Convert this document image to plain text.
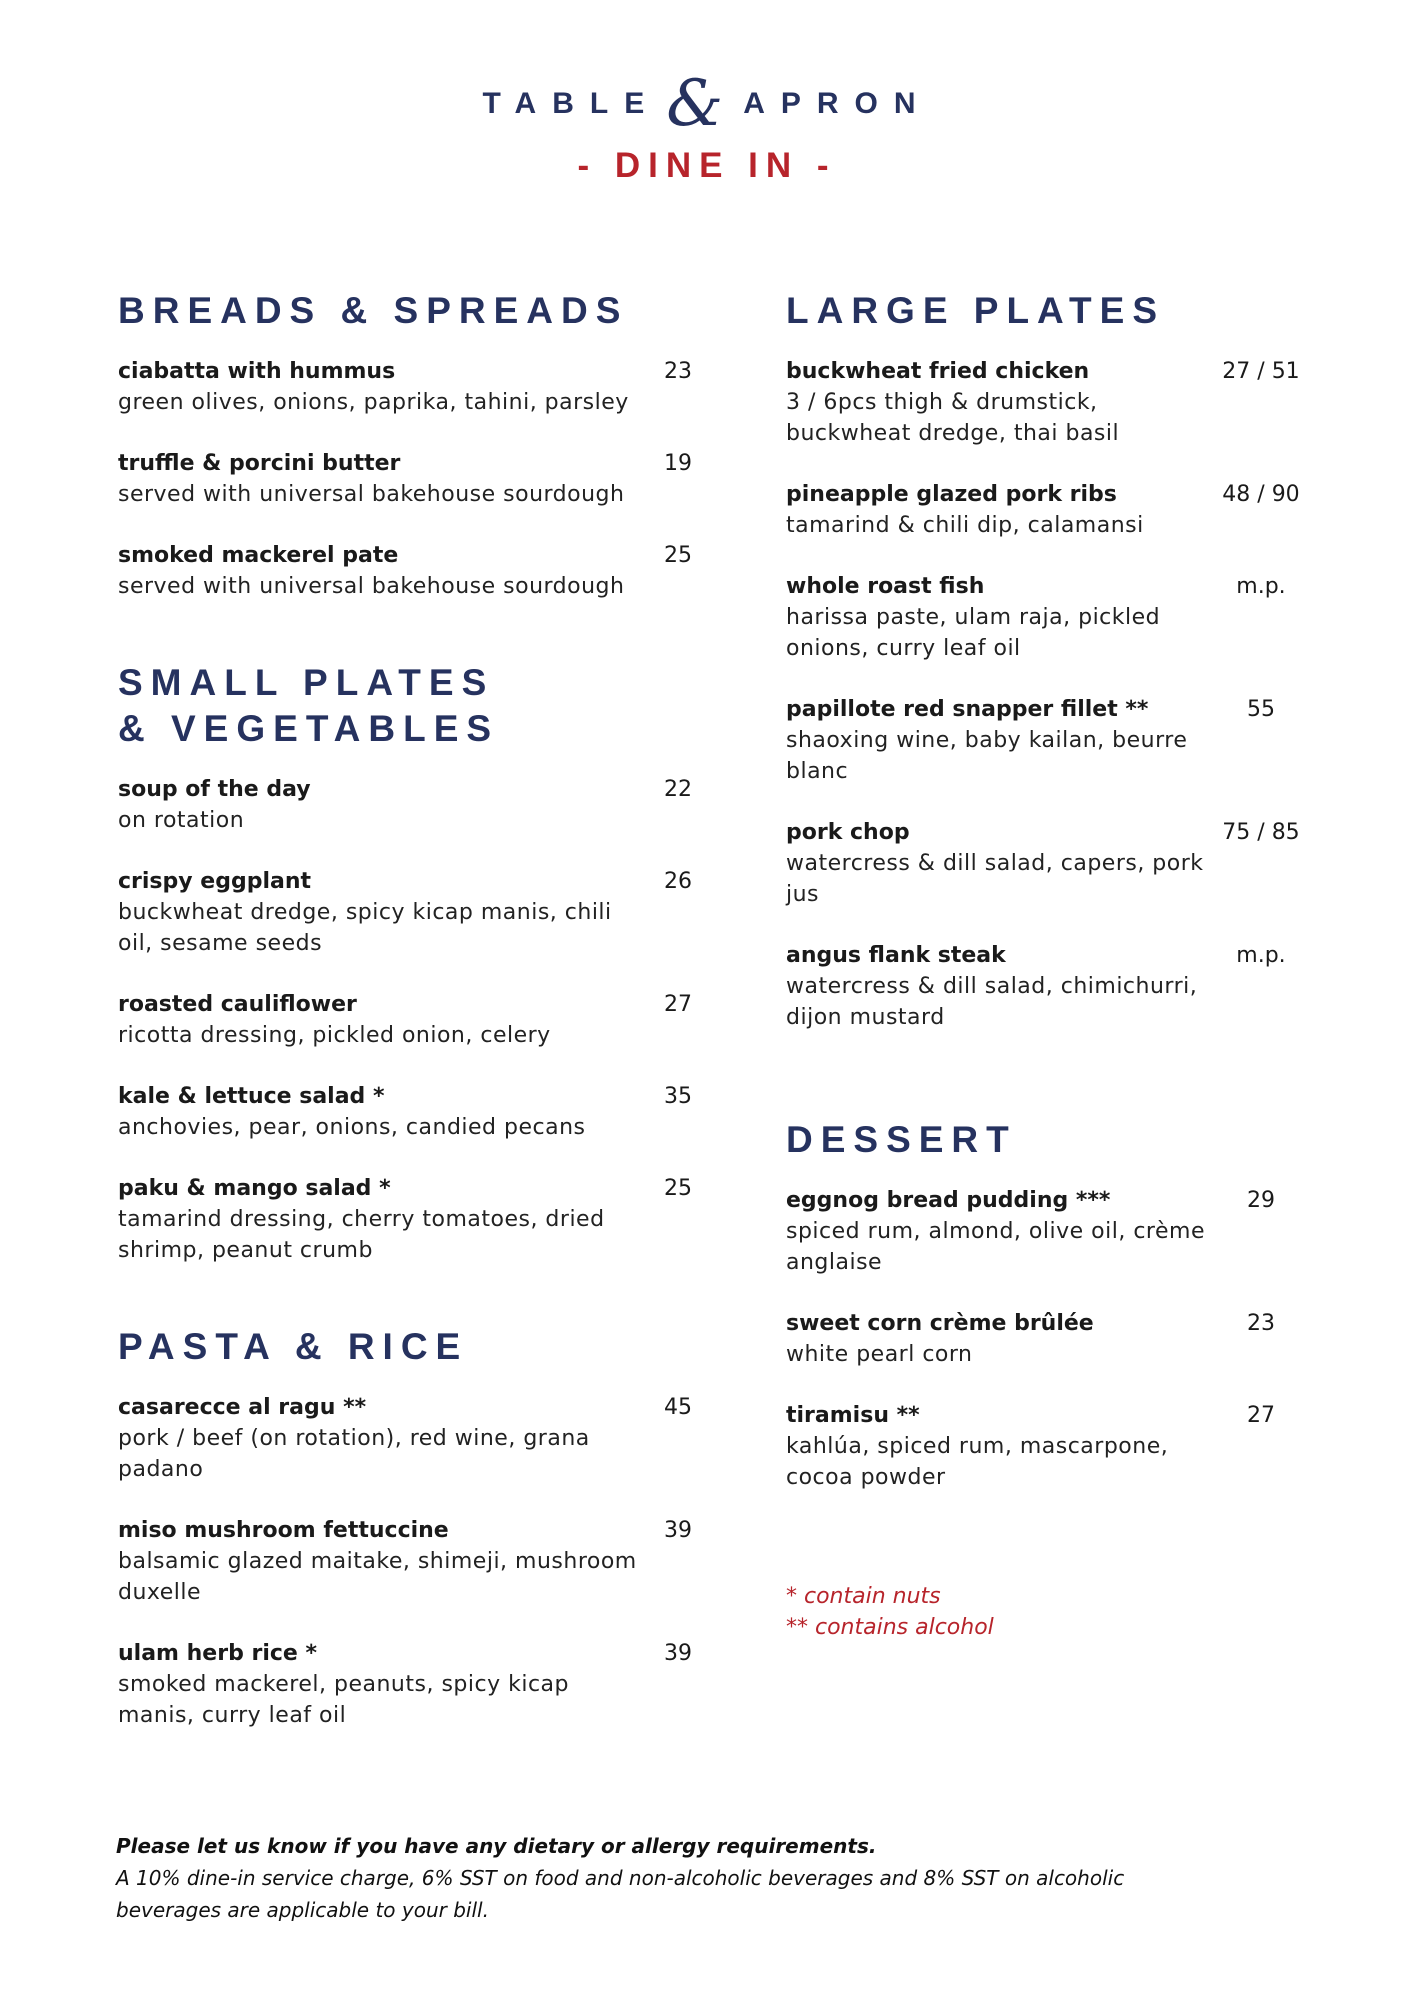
TABLE & APRON
- DINE IN -
BREADS & SPREADS
ciabatta with hummus
green olives, onions, paprika, tahini, parsley
23
truffle & porcini butter
served with universal bakehouse sourdough
19
smoked mackerel pate
served with universal bakehouse sourdough
25
SMALL PLATES
& VEGETABLES
soup of the day
on rotation
22
crispy eggplant
buckwheat dredge, spicy kicap manis, chili oil, sesame seeds
26
roasted cauliflower
ricotta dressing, pickled onion, celery
27
kale & lettuce salad *
anchovies, pear, onions, candied pecans
35
paku & mango salad *
tamarind dressing, cherry tomatoes, dried shrimp, peanut crumb
25
PASTA & RICE
casarecce al ragu **
pork / beef (on rotation), red wine, grana padano
45
miso mushroom fettuccine
balsamic glazed maitake, shimeji, mushroom duxelle
39
ulam herb rice *
smoked mackerel, peanuts, spicy kicap manis, curry leaf oil
39
LARGE PLATES
buckwheat fried chicken
3 / 6pcs thigh & drumstick, buckwheat dredge, thai basil
27 / 51
pineapple glazed pork ribs
tamarind & chili dip, calamansi
48 / 90
whole roast fish
harissa paste, ulam raja, pickled onions, curry leaf oil
m.p.
papillote red snapper fillet **
shaoxing wine, baby kailan, beurre blanc
55
pork chop
watercress & dill salad, capers, pork jus
75 / 85
angus flank steak
watercress & dill salad, chimichurri, dijon mustard
m.p.
DESSERT
eggnog bread pudding ***
spiced rum, almond, olive oil, crème anglaise
29
sweet corn crème brûlée
white pearl corn
23
tiramisu **
kahlúa, spiced rum, mascarpone, cocoa powder
27
* contain nuts
** contains alcohol
Please let us know if you have any dietary or allergy requirements.
A 10% dine-in service charge, 6% SST on food and non-alcoholic beverages and 8% SST on alcoholic beverages are applicable to your bill.
